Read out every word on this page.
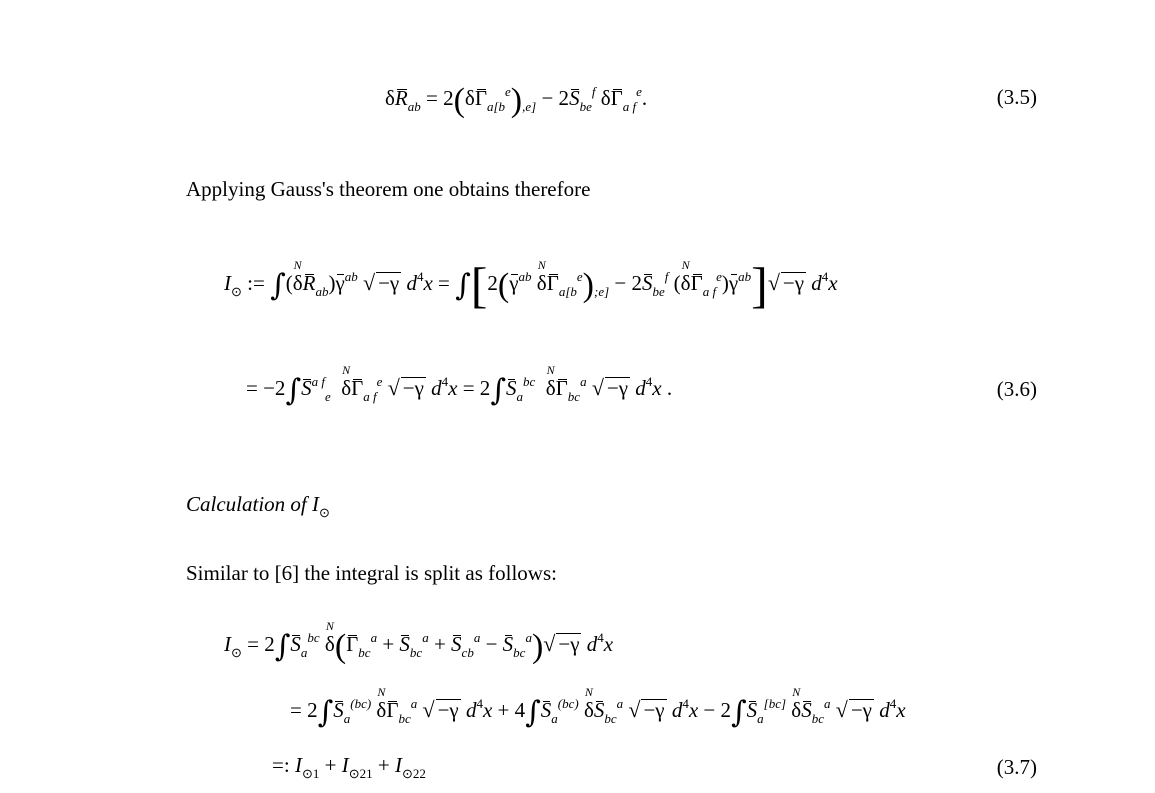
$\delta R_{ab} = 2(\delta\Gamma_{a[b}^e)_{,e]} - 2S_{be}^f$ $\delta\Gamma_{a f}^e$.	(3.5)
Applying Gauss's theorem one obtains therefore
$I_⊙$ := ∫(
N
$\delta R_{ab})\gamma^{ab}$ √ −γ $d^4x = \int[2(\gamma^{ab}$
N
$\delta\Gamma_{a[b}^e)_{;e]} - 2S_{be}^f$ (
N
$\delta\Gamma_{a f}^e)\gamma^{ab}]√ -\gamma$ $d^4x$
= $-2\int S^{a f}_e$
N
$\delta\Gamma_{a f}^e$ √ −γ $d^4x = 2\int S_a^{bc}$
N
$\delta\Gamma_{bc}^a$ √ −γ $d^4x$ .	(3.6)
Calculation of $I_⊙$
Similar to [6] the integral is split as follows:
$I_⊙ = 2\int S_a^{bc}$
N
$\delta(\Gamma_{bc}^a + S_{bc}^a + S_{cb}^a - S_{bc}^a)√ -\gamma$ $d^4x$
= $2\int S_a^{(bc)}$
N
$\delta\Gamma_{bc}^a$ √ −γ $d^4x + 4\int S_a^{(bc)}$
N
$\delta S_{bc}^a$ √ −γ $d^4x - 2\int S_a[bc]$
N
$\delta S_{bc}^a$ √ −γ $d^4x$
=: $I_{⊙1} + I_{⊙21} + I_{⊙22}$	(3.7)
